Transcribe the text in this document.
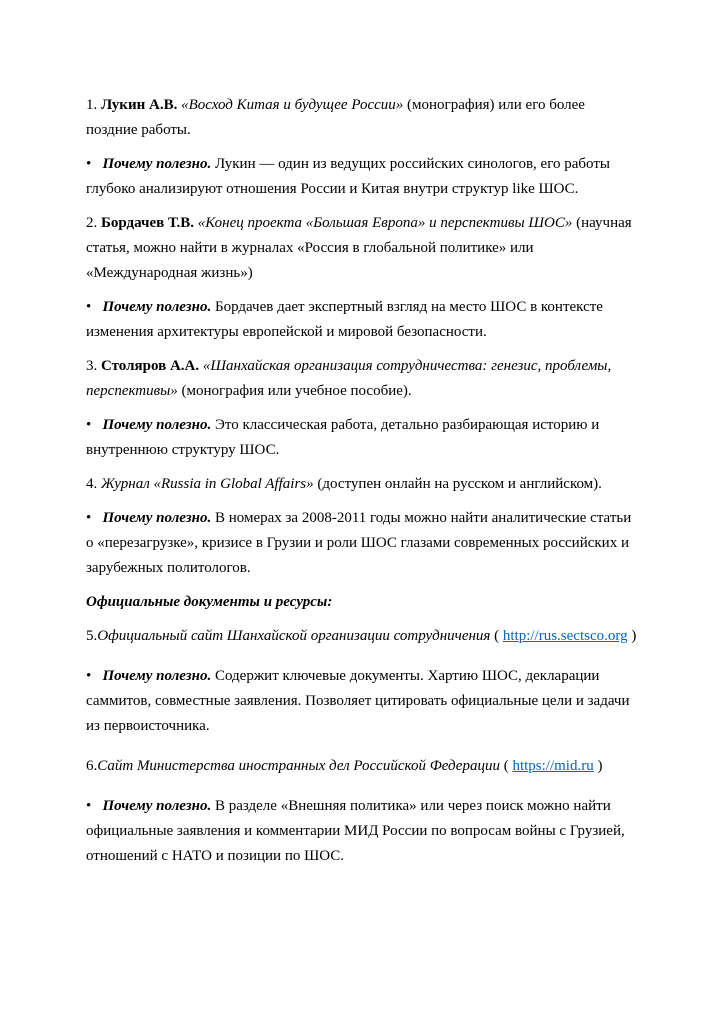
1. Лукин А.В. «Восход Китая и будущее России» (монография) или его более поздние работы.

•   Почему полезно. Лукин — один из ведущих российских синологов, его работы глубоко анализируют отношения России и Китая внутри структур like ШОС.

2. Бордачев Т.В. «Конец проекта «Большая Европа» и перспективы ШОС» (научная статья, можно найти в журналах «Россия в глобальной политике» или «Международная жизнь»)

•   Почему полезно. Бордачев дает экспертный взгляд на место ШОС в контексте изменения архитектуры европейской и мировой безопасности.

3. Столяров А.А. «Шанхайская организация сотрудничества: генезис, проблемы, перспективы» (монография или учебное пособие).

•   Почему полезно. Это классическая работа, детально разбирающая историю и внутреннюю структуру ШОС.

4. Журнал «Russia in Global Affairs» (доступен онлайн на русском и английском).

•   Почему полезно. В номерах за 2008-2011 годы можно найти аналитические статьи о «перезагрузке», кризисе в Грузии и роли ШОС глазами современных российских и зарубежных политологов.

Официальные документы и ресурсы:

5.Официальный сайт Шанхайской организации сотрудничения ( http://rus.sectsco.org )

•   Почему полезно. Содержит ключевые документы. Хартию ШОС, декларации саммитов, совместные заявления. Позволяет цитировать официальные цели и задачи из первоисточника.

6.Сайт Министерства иностранных дел Российской Федерации ( https://mid.ru )

•   Почему полезно. В разделе «Внешняя политика» или через поиск можно найти официальные заявления и комментарии МИД России по вопросам войны с Грузией, отношений с НАТО и позиции по ШОС.
